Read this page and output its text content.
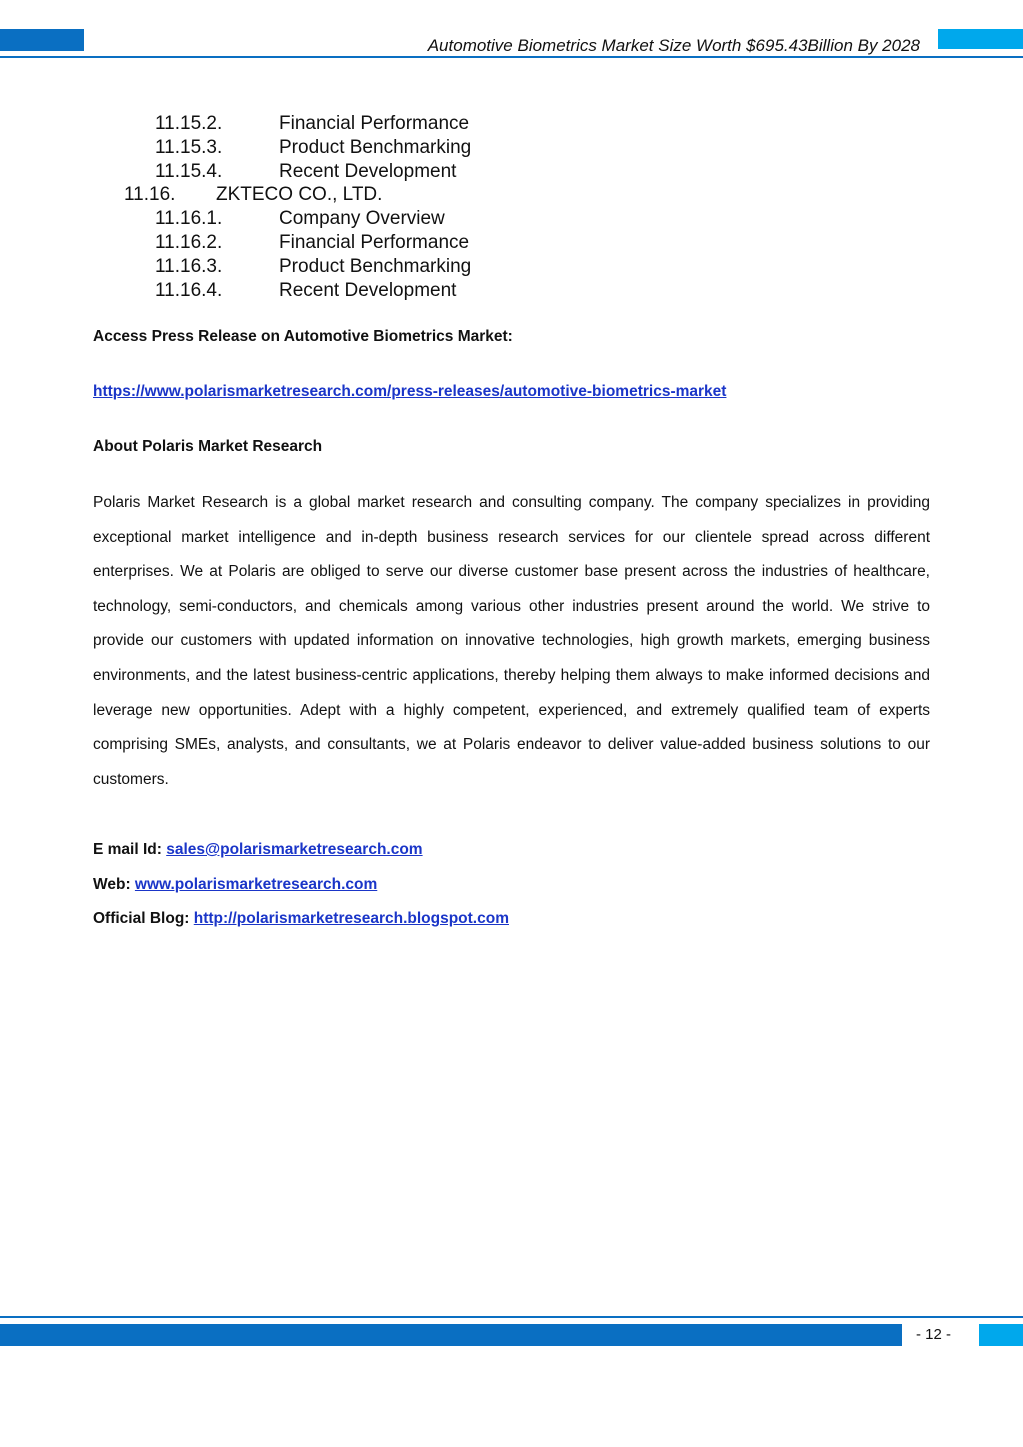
Automotive Biometrics Market Size Worth $695.43Billion By 2028
11.15.2.	Financial Performance
11.15.3.	Product Benchmarking
11.15.4.	Recent Development
11.16. ZKTECO CO., LTD.
11.16.1.	Company Overview
11.16.2.	Financial Performance
11.16.3.	Product Benchmarking
11.16.4.	Recent Development
Access Press Release on Automotive Biometrics Market:
https://www.polarismarketresearch.com/press-releases/automotive-biometrics-market
About Polaris Market Research

Polaris Market Research is a global market research and consulting company. The company specializes in providing exceptional market intelligence and in-depth business research services for our clientele spread across different enterprises. We at Polaris are obliged to serve our diverse customer base present across the industries of healthcare, technology, semi-conductors, and chemicals among various other industries present around the world. We strive to provide our customers with updated information on innovative technologies, high growth markets, emerging business environments, and the latest business-centric applications, thereby helping them always to make informed decisions and leverage new opportunities. Adept with a highly competent, experienced, and extremely qualified team of experts comprising SMEs, analysts, and consultants, we at Polaris endeavor to deliver value-added business solutions to our customers.

E mail Id: sales@polarismarketresearch.com
Web: www.polarismarketresearch.com
Official Blog: http://polarismarketresearch.blogspot.com
- 12 -
